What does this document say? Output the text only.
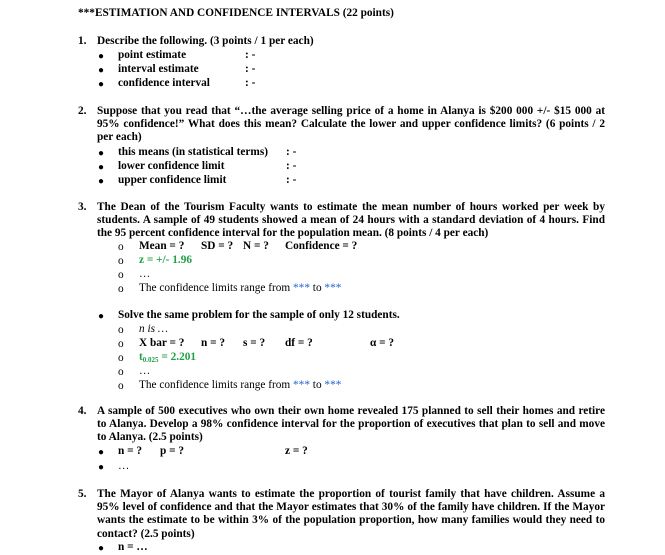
***ESTIMATION AND CONFIDENCE INTERVALS (22 points)
1. Describe the following. (3 points / 1 per each)
● point estimate	: -
● interval estimate	: -
● confidence interval	: -
2. Suppose that you read that “…the average selling price of a home in Alanya is $200 000 +/- $15 000 at 95% confidence!” What does this mean? Calculate the lower and upper confidence limits? (6 points / 2 per each)
● this means (in statistical terms) : -
● lower confidence limit	: -
● upper confidence limit	: -
3. The Dean of the Tourism Faculty wants to estimate the mean number of hours worked per week by students. A sample of 49 students showed a mean of 24 hours with a standard deviation of 4 hours. Find the 95 percent confidence interval for the population mean. (8 points / 4 per each)
o Mean = ? SD = ? N = ? Confidence = ?
o z = +/- 1.96
o …
o The confidence limits range from *** to ***
● Solve the same problem for the sample of only 12 students.
o n is …
o X bar = ? n = ? s = ? df = ?	α = ?
o $t_{0.025} = 2.201$
o …
o The confidence limits range from *** to ***
4. A sample of 500 executives who own their own home revealed 175 planned to sell their homes and retire to Alanya. Develop a 98% confidence interval for the proportion of executives that plan to sell and move to Alanya. (2.5 points)
● n = ? p = ?	z = ?
● …
5. The Mayor of Alanya wants to estimate the proportion of tourist family that have children. Assume a 95% level of confidence and that the Mayor estimates that 30% of the family have children. If the Mayor wants the estimate to be within 3% of the population proportion, how many families would they need to contact? (2.5 points)
● n = …
